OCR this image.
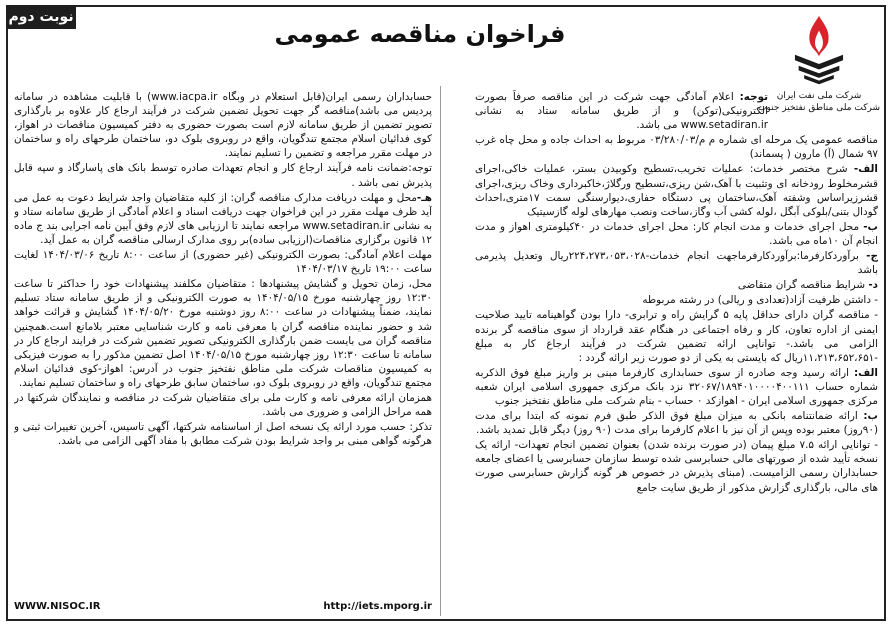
نوبت دوم
فراخوان مناقصه عمومی
شرکت ملی نفت ایران
شرکت ملی مناطق نفتخیز جنوب

توجه: اعلام آمادگی جهت شرکت در این مناقصه صرفاً بصورت الکترونیکی(توکن) و از طریق سامانه ستاد به نشانی www.setadiran.ir می باشد.

مناقصه عمومی یک مرحله ای شماره م م/۰۳/۲۸۰/۰۳ مربوط به احداث جاده و محل چاه غرب ۹۷ شمال (آ) مارون ( پسماند)

الف- شرح مختصر خدمات: عملیات تخریب،تسطیح وکوبیدن بستر، عملیات خاکی،اجرای قشرمخلوط رودخانه ای وتثبیت با آهک،شن ریزی،تسطیح ورگلاژ،خاکبرداری وخاک ریزی،اجرای قشرزیراساس وشفته آهک،ساختمان پی دستگاه حفاری،دیوارسنگی سمت ۱۷متری،احداث گودال بتنی/بلوکی آبگل ،لوله کشی آب وگاز،ساخت ونصب مهارهای لوله گازسیتیک

ب- محل اجرای خدمات و مدت انجام کار: محل اجرای خدمات در ۴۰کیلومتری اهواز و مدت انجام آن ۱۰ماه می باشد.

ج- برآوردکارفرما:برآوردکارفرماجهت انجام خدمات-۲۲۴،۲۷۳،۰۵۳،۰۲۸ریال وتعدیل پذیرمی باشد

د- شرایط مناقصه گران متقاضی

- داشتن ظرفیت آزاد(تعدادی و ریالی) در رشته مربوطه

- مناقصه گران دارای حداقل پایه ۵ گرایش راه و ترابری- دارا بودن گواهینامه تایید صلاحیت ایمنی از اداره تعاون، کار و رفاه اجتماعی در هنگام عقد قرارداد از سوی مناقصه گر برنده الزامی می باشد.- توانایی ارائه تضمین شرکت در فرآیند ارجاع کار به مبلغ -۱۱،۲۱۳،۶۵۲،۶۵۱ریال که بایستی به یکی از دو صورت زیر ارائه گردد :

الف: ارائه رسید وجه صادره از سوی حسابداری کارفرما مبنی بر واریز مبلغ فوق الذکربه شماره حساب ۳۲۰۶۷/۱۸۹۴۰۱۰۰۰۰۴۰۰۱۱۱ نزد بانک مرکزی جمهوری اسلامی ایران شعبه مرکزی جمهوری اسلامی ایران - اهوازکد ۰ حساب - بنام شرکت ملی مناطق نفتخیز جنوب

ب: ارائه ضمانتنامه بانکی به میزان مبلغ فوق الذکر طبق فرم نمونه که ابتدا برای مدت (۹۰روز) معتبر بوده وپس از آن نیز با اعلام کارفرما برای مدت (۹۰ روز) دیگر قابل تمدید باشد.

- توانایی ارائه ۷.۵ مبلغ پیمان (در صورت برنده شدن) بعنوان تضمین انجام تعهدات- ارائه یک نسخه تأیید شده از صورتهای مالی حسابرسی شده توسط سازمان حسابرسی یا اعضای جامعه حسابداران رسمی الزامیست. (مبنای پذیرش در خصوص هر گونه گزارش حسابرسی صورت های مالی، بارگذاری گزارش مذکور از طریق سایت جامع

حسابداران رسمی ایران(قابل استعلام در وبگاه www.iacpa.ir) با قابلیت مشاهده در سامانه پردیس می باشد)مناقصه گر جهت تحویل تضمین شرکت در فرآیند ارجاع کار علاوه بر بارگذاری تصویر تضمین از طریق سامانه لازم است بصورت حضوری به دفتر کمیسیون مناقصات در اهواز، کوی فدائیان اسلام مجتمع تندگویان، واقع در روبروی بلوک دو، ساختمان طرحهای راه و ساختمان در مهلت مقرر مراجعه و تضمین را تسلیم نمایند.

توجه:ضمانت نامه فرآیند ارجاع کار و انجام تعهدات صادره توسط بانک های پاسارگاد و سپه قابل پذیرش نمی باشد .

هـ-محل و مهلت دریافت مدارک مناقصه گران: از کلیه متقاضیان واجد شرایط دعوت به عمل می آید ظرف مهلت مقرر در این فراخوان جهت دریافت اسناد و اعلام آمادگی از طریق سامانه ستاد و به نشانی www.setadiran.ir مراجعه نمایند تا ارزیابی های لازم وفق آیین نامه اجرایی بند ج ماده ۱۲ قانون برگزاری مناقصات(ارزیابی ساده)بر روی مدارک ارسالی مناقصه گران به عمل آید.

مهلت اعلام آمادگی: بصورت الکترونیکی (غیر حضوری) از ساعت ۸:۰۰ تاریخ ۱۴۰۴/۰۳/۰۶ لغایت ساعت ۱۹:۰۰ تاریخ ۱۴۰۴/۰۳/۱۷

محل، زمان تحویل و گشایش پیشنهادها : متقاضیان مکلفند پیشنهادات خود را حداکثر تا ساعت ۱۲:۳۰ روز چهارشنبه مورخ ۱۴۰۴/۰۵/۱۵ به صورت الکترونیکی و از طریق سامانه ستاد تسلیم نمایند، ضمناً پیشنهادات در ساعت ۸:۰۰ روز دوشنبه مورخ ۱۴۰۴/۰۵/۲۰ گشایش و قرائت خواهد شد و حضور نماینده مناقصه گران با معرفی نامه و کارت شناسایی معتبر بلامانع است.همچنین مناقصه گران می بایست ضمن بارگذاری الکترونیکی تصویر تضمین شرکت در فرایند ارجاع کار در سامانه تا ساعت ۱۲:۳۰ روز چهارشنبه مورخ ۱۴۰۴/۰۵/۱۵ اصل تضمین مذکور را به صورت فیزیکی به کمیسیون مناقصات شرکت ملی مناطق نفتخیز جنوب در آدرس: اهواز-کوی فدائیان اسلام مجتمع تندگویان، واقع در روبروی بلوک دو، ساختمان سابق طرحهای راه و ساختمان تسلیم نمایند.

همزمان ارائه معرفی نامه و کارت ملی برای متقاضیان شرکت در مناقصه و نمایندگان شرکتها در همه مراحل الزامی و ضروری می باشد.

تذکر: حسب مورد ارائه یک نسخه اصل از اساسنامه شرکتها، آگهی تاسیس، آخرین تغییرات ثبتی و هرگونه گواهی مبنی بر واجد شرایط بودن شرکت مطابق با مفاد آگهی الزامی می باشد.

WWW.NISOC.IR	http://iets.mporg.ir
